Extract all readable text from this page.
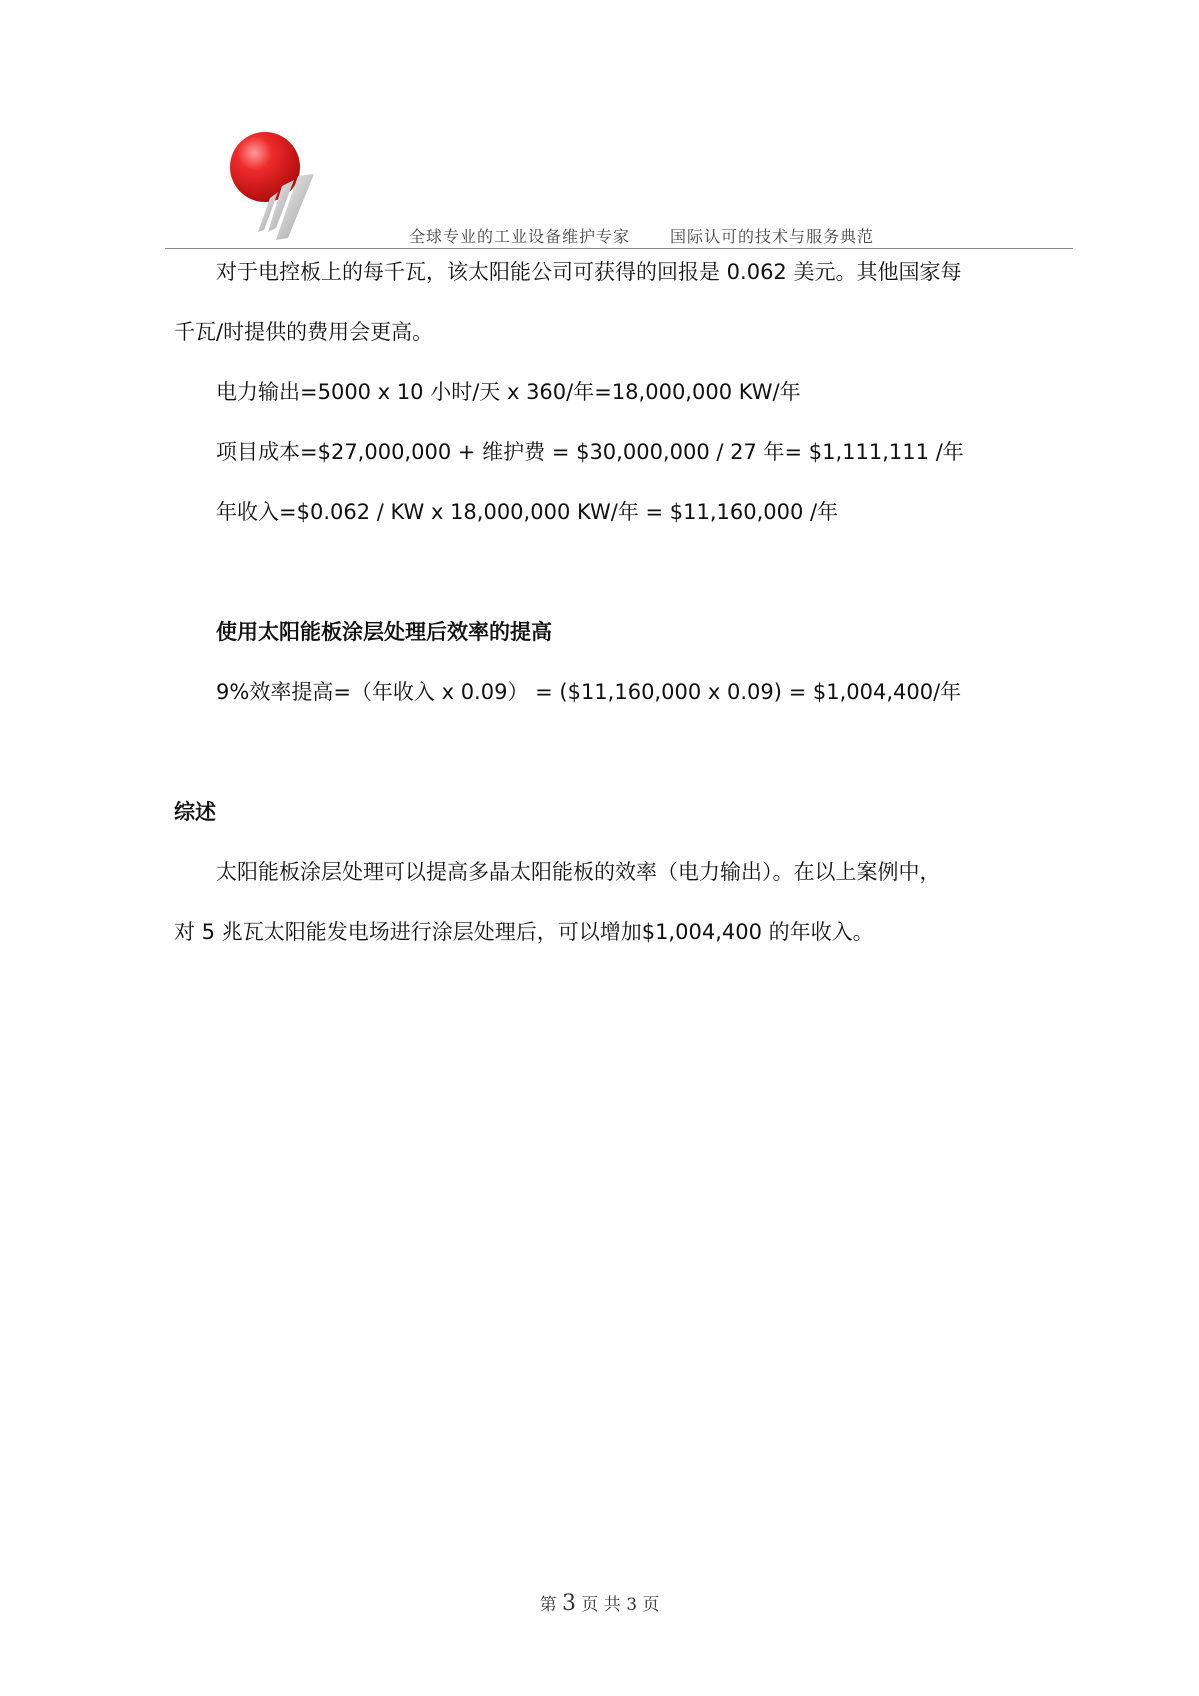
全球专业的工业设备维护专家 国际认可的技术与服务典范
对于电控板上的每千瓦，该太阳能公司可获得的回报是 0.062 美元。其他国家每
千瓦/时提供的费用会更高。
电力输出=5000 x 10 小时/天 x 360/年=18,000,000 KW/年
项目成本=$27,000,000 + 维护费 = $30,000,000 / 27 年= $1,111,111 /年
年收入=$0.062 / KW x 18,000,000 KW/年 = $11,160,000 /年
使用太阳能板涂层处理后效率的提高
9%效率提高=（年收入 x 0.09） = ($11,160,000 x 0.09) = $1,004,400/年
综述
太阳能板涂层处理可以提高多晶太阳能板的效率（电力输出）。在以上案例中，
对 5 兆瓦太阳能发电场进行涂层处理后，可以增加$1,004,400 的年收入。
第 3 页 共 3 页
